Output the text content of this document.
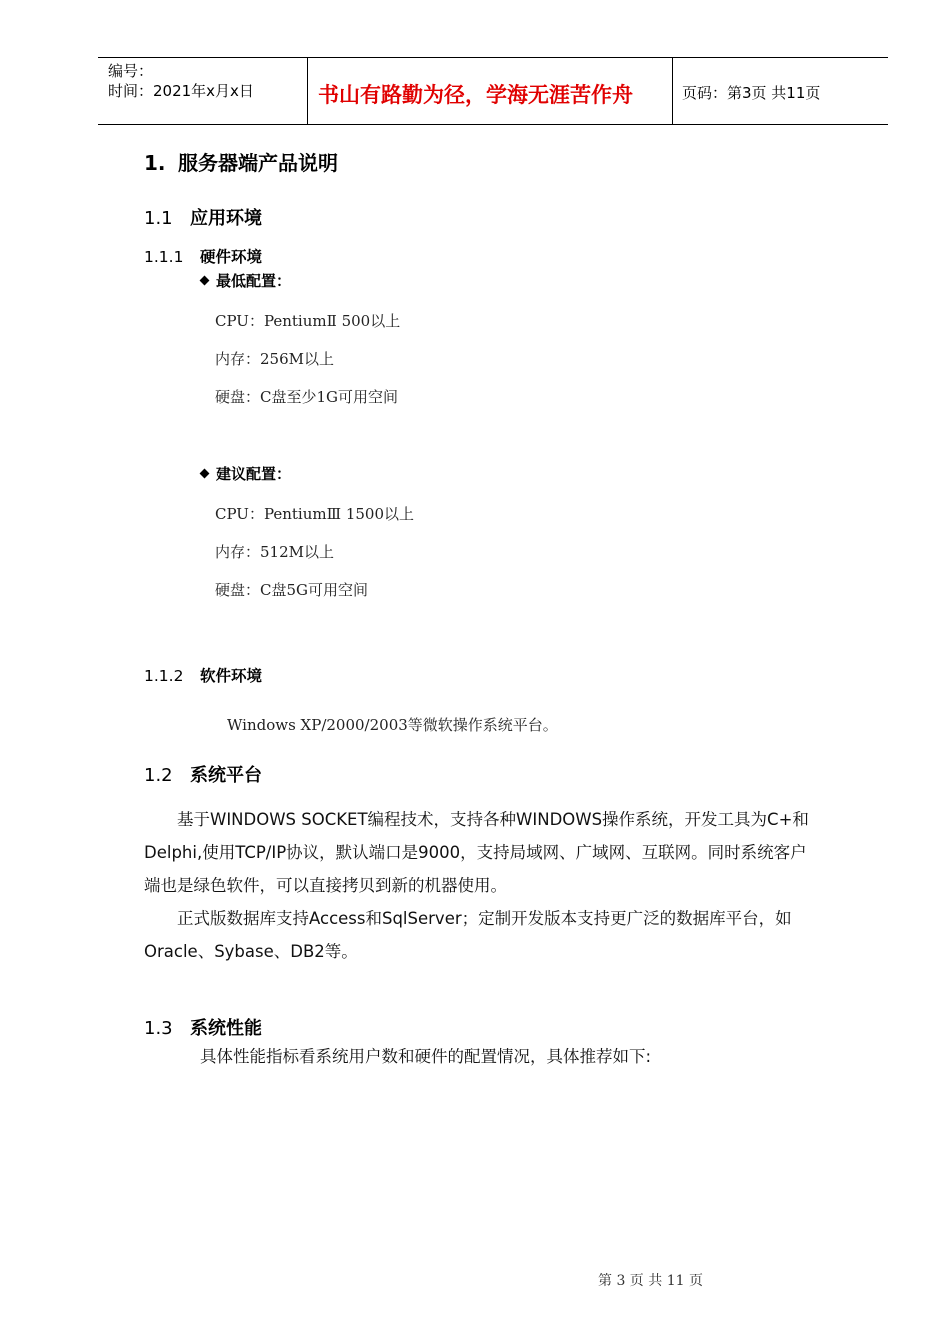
编号：
时间：2021年x月x日	书山有路勤为径，学海无涯苦作舟	页码：第3页 共11页
1. 服务器端产品说明
1.1 应用环境
1.1.1 硬件环境
最低配置：
CPU：PentiumⅡ 500以上
内存：256M以上
硬盘：C盘至少1G可用空间
建议配置：
CPU：PentiumⅢ 1500以上
内存：512M以上
硬盘：C盘5G可用空间
1.1.2 软件环境
Windows XP/2000/2003等微软操作系统平台。
1.2 系统平台
基于WINDOWS SOCKET编程技术，支持各种WINDOWS操作系统，开发工具为C+和
Delphi,使用TCP/IP协议，默认端口是9000，支持局域网、广域网、互联网。同时系统客户
端也是绿色软件，可以直接拷贝到新的机器使用。
正式版数据库支持Access和SqlServer；定制开发版本支持更广泛的数据库平台，如
Oracle、Sybase、DB2等。
1.3 系统性能
具体性能指标看系统用户数和硬件的配置情况，具体推荐如下:
第 3 页 共 11 页
